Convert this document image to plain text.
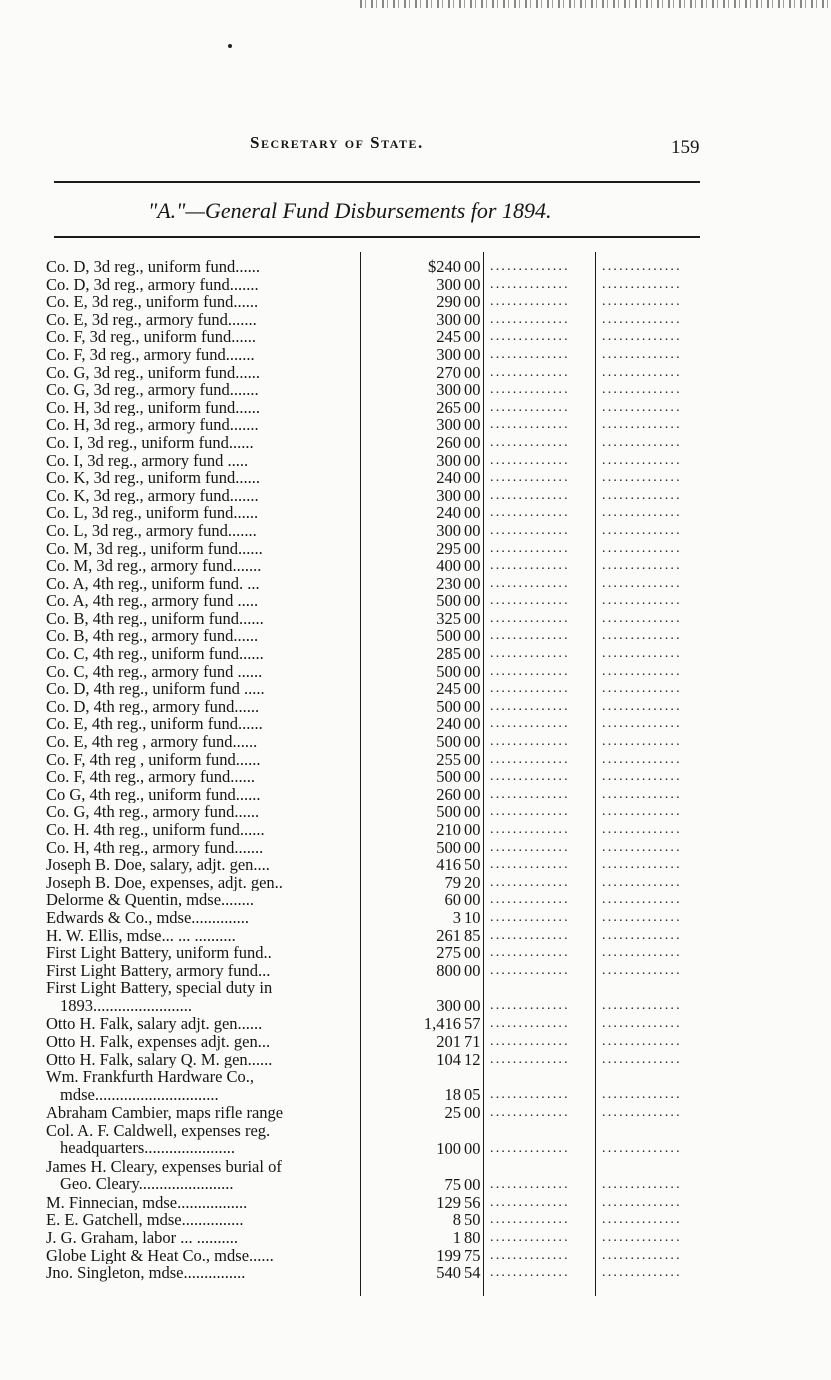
Secretary of State.	159
"A."—General Fund Disbursements for 1894.
Co. D, 3d reg., uniform fund......	$240 00 ..............	..............
Co. D, 3d reg., armory fund.......	300 00 ..............	..............
Co. E, 3d reg., uniform fund......	290 00 ..............	..............
Co. E, 3d reg., armory fund.......	300 00 ..............	..............
Co. F, 3d reg., uniform fund......	245 00 ..............	..............
Co. F, 3d reg., armory fund.......	300 00 ..............	..............
Co. G, 3d reg., uniform fund......	270 00 ..............	..............
Co. G, 3d reg., armory fund.......	300 00 ..............	..............
Co. H, 3d reg., uniform fund......	265 00 ..............	..............
Co. H, 3d reg., armory fund.......	300 00 ..............	..............
Co. I, 3d reg., uniform fund......	260 00 ..............	..............
Co. I, 3d reg., armory fund .....	300 00 ..............	..............
Co. K, 3d reg., uniform fund......	240 00 ..............	..............
Co. K, 3d reg., armory fund.......	300 00 ..............	..............
Co. L, 3d reg., uniform fund......	240 00 ..............	..............
Co. L, 3d reg., armory fund.......	300 00 ..............	..............
Co. M, 3d reg., uniform fund......	295 00 ..............	..............
Co. M, 3d reg., armory fund.......	400 00 ..............	..............
Co. A, 4th reg., uniform fund. ...	230 00 ..............	..............
Co. A, 4th reg., armory fund .....	500 00 ..............	..............
Co. B, 4th reg., uniform fund......	325 00 ..............	..............
Co. B, 4th reg., armory fund......	500 00 ..............	..............
Co. C, 4th reg., uniform fund......	285 00 ..............	..............
Co. C, 4th reg., armory fund ......	500 00 ..............	..............
Co. D, 4th reg., uniform fund .....	245 00 ..............	..............
Co. D, 4th reg., armory fund......	500 00 ..............	..............
Co. E, 4th reg., uniform fund......	240 00 ..............	..............
Co. E, 4th reg , armory fund......	500 00 ..............	..............
Co. F, 4th reg , uniform fund......	255 00 ..............	..............
Co. F, 4th reg., armory fund......	500 00 ..............	..............
Co G, 4th reg., uniform fund......	260 00 ..............	..............
Co. G, 4th reg., armory fund......	500 00 ..............	..............
Co. H. 4th reg., uniform fund......	210 00 ..............	..............
Co. H, 4th reg., armory fund.......	500 00 ..............	..............
Joseph B. Doe, salary, adjt. gen....	416 50 ..............	..............
Joseph B. Doe, expenses, adjt. gen..	79 20 ..............	..............
Delorme & Quentin, mdse........	60 00 ..............	..............
Edwards & Co., mdse..............	3 10 ..............	..............
H. W. Ellis, mdse... ... ..........	261 85 ..............	..............
First Light Battery, uniform fund..	275 00 ..............	..............
First Light Battery, armory fund...	800 00 ..............	..............
First Light Battery, special duty in
1893........................	300 00 ..............	..............
Otto H. Falk, salary adjt. gen......	1,416 57 ..............	..............
Otto H. Falk, expenses adjt. gen...	201 71 ..............	..............
Otto H. Falk, salary Q. M. gen......	104 12 ..............	..............
Wm. Frankfurth Hardware Co.,
mdse..............................	18 05 ..............	..............
Abraham Cambier, maps rifle range	25 00 ..............	..............
Col. A. F. Caldwell, expenses reg.
headquarters......................	100 00 ..............	..............
James H. Cleary, expenses burial of
Geo. Cleary.......................	75 00 ..............	..............
M. Finnecian, mdse.................	129 56 ..............	..............
E. E. Gatchell, mdse...............	8 50 ..............	..............
J. G. Graham, labor ... ..........	1 80 ..............	..............
Globe Light & Heat Co., mdse......	199 75 ..............	..............
Jno. Singleton, mdse...............	540 54 ..............	..............
